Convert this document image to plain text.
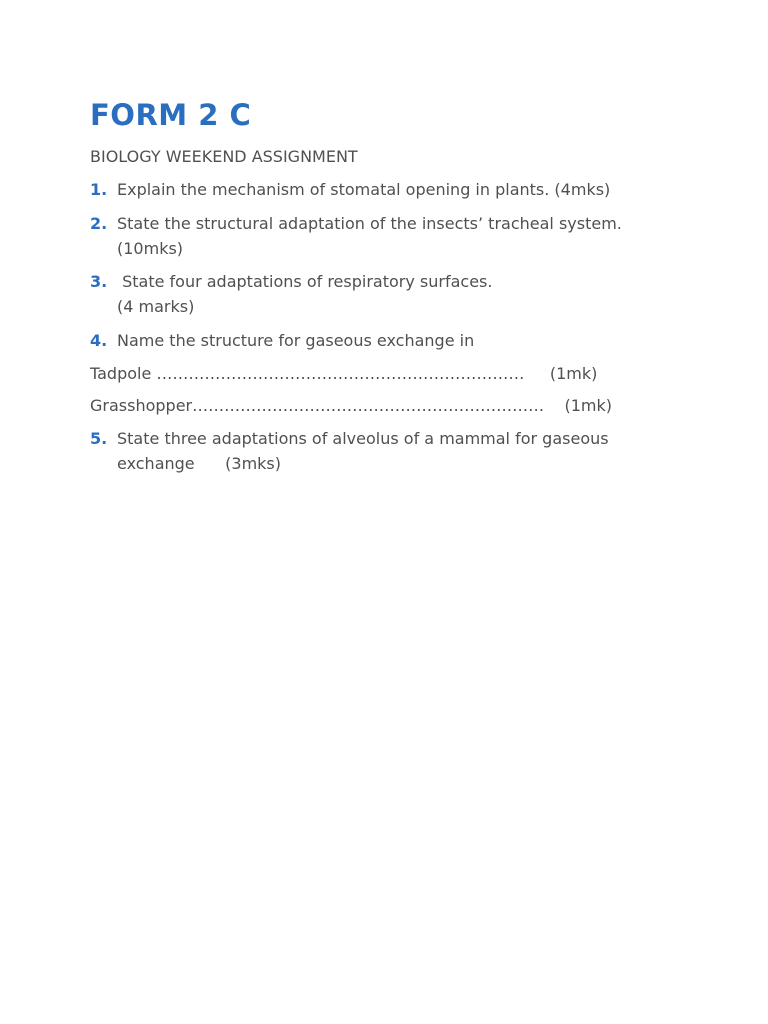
FORM 2 C
BIOLOGY WEEKEND ASSIGNMENT
1. Explain the mechanism of stomatal opening in plants. (4mks)
2. State the structural adaptation of the insects’ tracheal system.
(10mks)
3. State four adaptations of respiratory surfaces.
(4 marks)
4. Name the structure for gaseous exchange in
Tadpole ……………………………………………………………     (1mk)
Grasshopper…………………………………………………………    (1mk)
5. State three adaptations of alveolus of a mammal for gaseous
exchange      (3mks)
